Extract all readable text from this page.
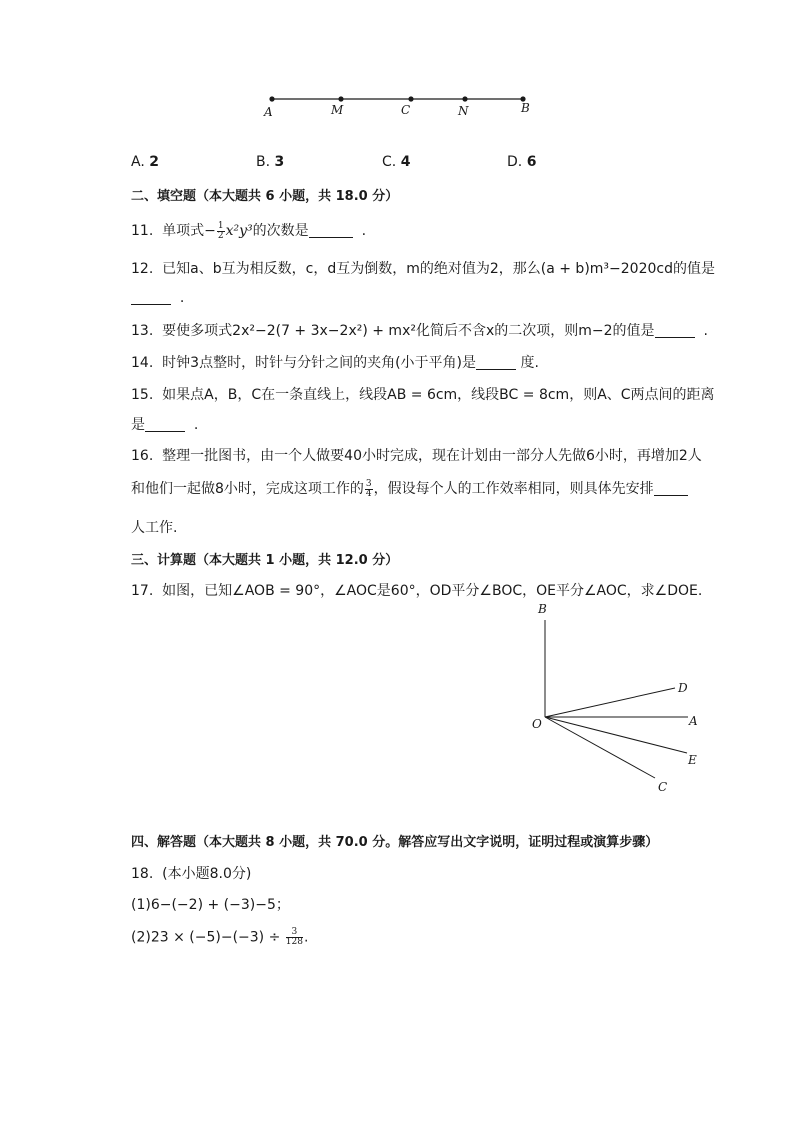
A	M	C	N	B
A. 2	B. 3	C. 4	D. 6
二、填空题（本大题共 6 小题，共 18.0 分）
11. 单项式− $\frac{1}{2} x^2y^3$的次数是	.
12. 已知a、b互为相反数，c，d互为倒数，m的绝对值为2，那么(a + b)m³−2020cd的值是
.
13. 要使多项式2x²−2(7 + 3x−2x²) + mx²化简后不含x的二次项，则m−2的值是	.
14. 时钟3点整时，时针与分针之间的夹角(小于平角)是	度.
15. 如果点A，B，C在一条直线上，线段AB = 6cm，线段BC = 8cm，则A、C两点间的距离
是	.
16. 整理一批图书，由一个人做要40小时完成，现在计划由一部分人先做6小时，再增加2人
和他们一起做8小时，完成这项工作的 $\frac{3}{4}$ ，假设每个人的工作效率相同，则具体先安排
人工作.
三、计算题（本大题共 1 小题，共 12.0 分）
17. 如图，已知∠AOB = 90°，∠AOC是60°，OD平分∠BOC，OE平分∠AOC，求∠DOE.
B
D
O	A
E
C
四、解答题（本大题共 8 小题，共 70.0 分。解答应写出文字说明，证明过程或演算步骤）
18. (本小题8.0分)
(1)6−(−2) + (−3)−5；
$(2)23 \times (-5)-(-3) \div \frac{3}{128}$ .
